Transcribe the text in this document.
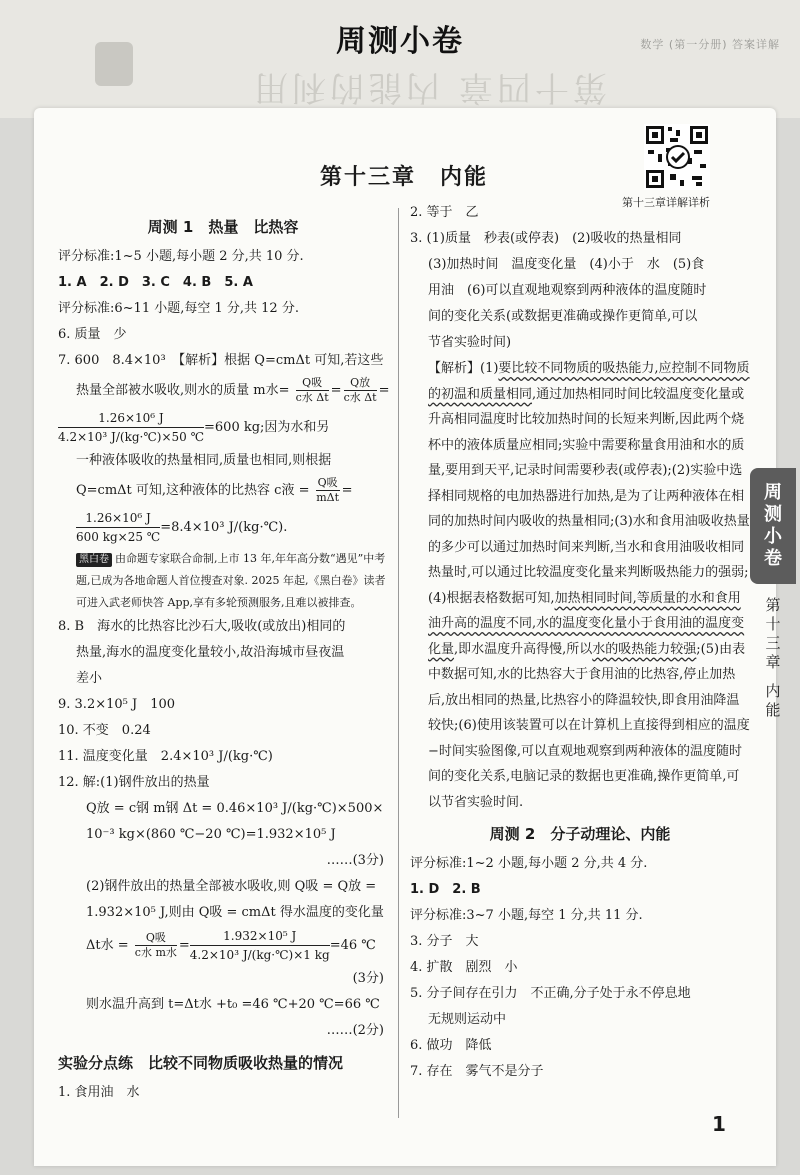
数学 (第一分册) 答案详解
第十四章 内能的利用
周测小卷
第十三章　内能
第十三章详解详析
周
测
小
卷
第
十
三
章
内
能
周测 1　热量　比热容
评分标准:1~5 小题,每小题 2 分,共 10 分.
1. A　2. D　3. C　4. B　5. A
评分标准:6~11 小题,每空 1 分,共 12 分.
6. 质量　少
7. 600　8.4×10³　【解析】根据 Q=cmΔt 可知,若这些
热量全部被水吸收,则水的质量 m水= $\frac{\text{Q吸}}{\text{c水 Δt}} = \frac{\text{Q放}}{\text{c水 Δt}}$ =
$\frac{\text{1.26×10⁶ J}}{\text{4.2×10³ J/(kg·℃)×50 ℃}} =600$ kg;因为水和另
一种液体吸收的热量相同,质量也相同,则根据
Q=cmΔt 可知,这种液体的比热容 c液 = $\frac{\text{Q吸}}{\text{mΔt}}$ =
$\frac{\text{1.26×10⁶ J}}{600 kg\times 25 ℃} =8.4\times 10^3$ J/(kg·℃).
黑白卷 由命题专家联合命制,上市 13 年,年年高分数“遇见”中考题,已成为各地命题人首位搜查对象. 2025 年起,《黑白卷》读者可进入武老师快答 App,享有多轮预测服务,且难以被排查。
8. B　海水的比热容比沙石大,吸收(或放出)相同的
热量,海水的温度变化量较小,故沿海城市昼夜温
差小
9. 3.2×10⁵ J　100
10. 不变　0.24
11. 温度变化量　2.4×10³ J/(kg·℃)
12. 解:(1)钢件放出的热量
Q放 = c钢 m钢 Δt = 0.46×10³ J/(kg·℃)×500×
10⁻³ kg×(860 ℃−20 ℃)=1.932×10⁵ J
……(3分)
(2)钢件放出的热量全部被水吸收,则 Q吸 = Q放 =
1.932×10⁵ J,则由 Q吸 = cmΔt 得水温度的变化量
Δt水 = $\frac{\text{Q吸}}{\text{c水 m水}} = \frac{\text{1.932×10⁵ J}}{\text{4.2×10³ J/(kg·℃)×1 kg}} =46$ ℃
(3分)
则水温升高到 t=Δt水 +t₀ =46 ℃+20 ℃=66 ℃
……(2分)
实验分点练　比较不同物质吸收热量的情况
1. 食用油　水
2. 等于　乙
3. (1)质量　秒表(或停表)　(2)吸收的热量相同
(3)加热时间　温度变化量　(4)小于　水　(5)食
用油　(6)可以直观地观察到两种液体的温度随时
间的变化关系(或数据更准确或操作更简单,可以
节省实验时间)
【解析】(1)要比较不同物质的吸热能力,应控制不同物质的初温和质量相同,通过加热相同时间比较温度变化量或升高相同温度时比较加热时间的长短来判断,因此两个烧杯中的液体质量应相同;实验中需要称量食用油和水的质量,要用到天平,记录时间需要秒表(或停表);(2)实验中选择相同规格的电加热器进行加热,是为了让两种液体在相同的加热时间内吸收的热量相同;(3)水和食用油吸收热量的多少可以通过加热时间来判断,当水和食用油吸收相同热量时,可以通过比较温度变化量来判断吸热能力的强弱;(4)根据表格数据可知,加热相同时间,等质量的水和食用油升高的温度不同,水的温度变化量小于食用油的温度变化量,即水温度升高得慢,所以水的吸热能力较强;(5)由表中数据可知,水的比热容大于食用油的比热容,停止加热后,放出相同的热量,比热容小的降温较快,即食用油降温较快;(6)使用该装置可以在计算机上直接得到相应的温度−时间实验图像,可以直观地观察到两种液体的温度随时间的变化关系,电脑记录的数据也更准确,操作更简单,可以节省实验时间.
周测 2　分子动理论、内能
评分标准:1~2 小题,每小题 2 分,共 4 分.
1. D　2. B
评分标准:3~7 小题,每空 1 分,共 11 分.
3. 分子　大
4. 扩散　剧烈　小
5. 分子间存在引力　不正确,分子处于永不停息地
无规则运动中
6. 做功　降低
7. 存在　雾气不是分子
1
